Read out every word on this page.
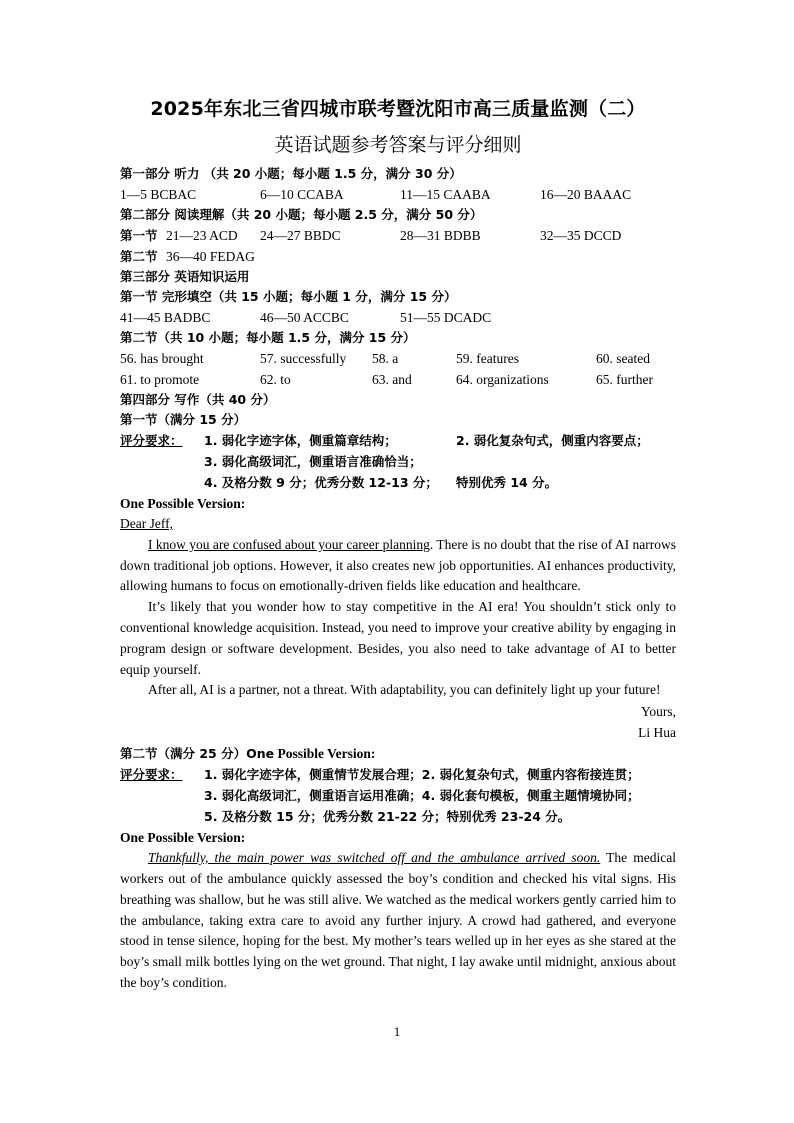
2025年东北三省四城市联考暨沈阳市高三质量监测（二）
英语试题参考答案与评分细则
第一部分 听力 （共 20 小题；每小题 1.5 分，满分 30 分）
1—5 BCBAC	6—10 CCABA	11—15 CAABA	16—20 BAAAC
第二部分 阅读理解（共 20 小题；每小题 2.5 分，满分 50 分）
第一节 21—23 ACD 24—27 BBDC	28—31 BDBB	32—35 DCCD
第二节 36—40 FEDAG
第三部分 英语知识运用
第一节 完形填空（共 15 小题；每小题 1 分，满分 15 分）
41—45 BADBC	46—50 ACCBC	51—55 DCADC
第二节（共 10 小题；每小题 1.5 分，满分 15 分）
56. has brought	57. successfully 58. a	59. features	60. seated
61. to promote	62. to	63. and	64. organizations	65. further
第四部分 写作（共 40 分）
第一节（满分 15 分）
评分要求： 1. 弱化字迹字体，侧重篇章结构；	2. 弱化复杂句式，侧重内容要点；
3. 弱化高级词汇，侧重语言准确恰当；
4. 及格分数 9 分；优秀分数 12-13 分； 特别优秀 14 分。
One Possible Version:
Dear Jeff,

I know you are confused about your career planning. There is no doubt that the rise of AI narrows down traditional job options. However, it also creates new job opportunities. AI enhances productivity, allowing humans to focus on emotionally-driven fields like education and healthcare.

It’s likely that you wonder how to stay competitive in the AI era! You shouldn’t stick only to conventional knowledge acquisition. Instead, you need to improve your creative ability by engaging in program design or software development. Besides, you also need to take advantage of AI to better equip yourself.

After all, AI is a partner, not a threat. With adaptability, you can definitely light up your future!

Yours,
Li Hua
第二节（满分 25 分）One Possible Version:
评分要求： 1. 弱化字迹字体，侧重情节发展合理；2. 弱化复杂句式，侧重内容衔接连贯；
3. 弱化高级词汇，侧重语言运用准确；4. 弱化套句模板，侧重主题情境协同；
5. 及格分数 15 分；优秀分数 21-22 分；特别优秀 23-24 分。
One Possible Version:

Thankfully, the main power was switched off and the ambulance arrived soon. The medical workers out of the ambulance quickly assessed the boy’s condition and checked his vital signs. His breathing was shallow, but he was still alive. We watched as the medical workers gently carried him to the ambulance, taking extra care to avoid any further injury. A crowd had gathered, and everyone stood in tense silence, hoping for the best. My mother’s tears welled up in her eyes as she stared at the boy’s small milk bottles lying on the wet ground. That night, I lay awake until midnight, anxious about the boy’s condition.

1
